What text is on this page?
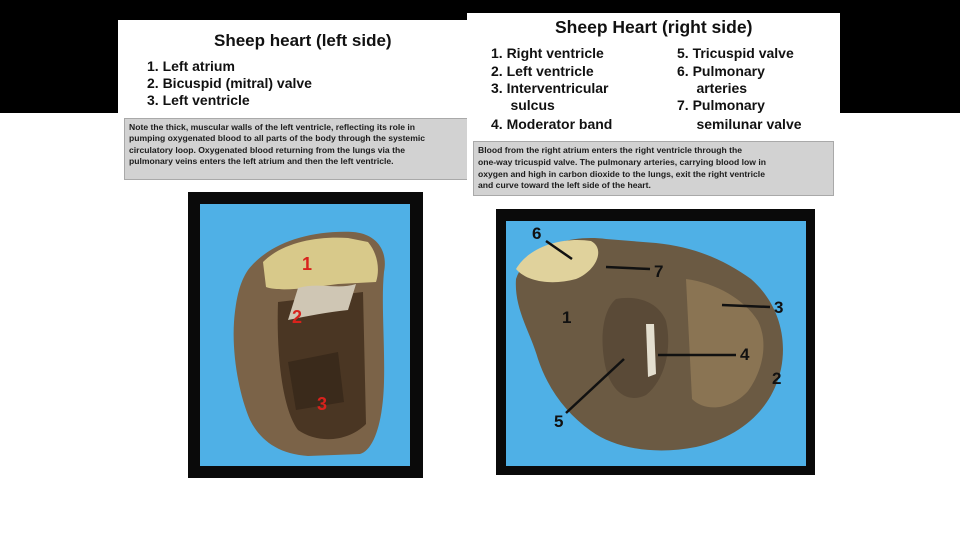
Sheep heart (left side)
1. Left atrium
2. Bicuspid (mitral) valve
3. Left ventricle
Note the thick, muscular walls of the left ventricle, reflecting its role in
pumping oxygenated blood to all parts of the body through the systemic
circulatory loop. Oxygenated blood returning from the lungs via the
pulmonary veins enters the left atrium and then the left ventricle.
Sheep Heart (right side)
1. Right ventricle
2. Left ventricle
3. Interventricular
sulcus
4. Moderator band
5. Tricuspid valve
6. Pulmonary
arteries
7. Pulmonary
semilunar valve
Blood from the right atrium enters the right ventricle through the
one-way tricuspid valve. The pulmonary arteries, carrying blood low in
oxygen and high in carbon dioxide to the lungs, exit the right ventricle
and curve toward the left side of the heart.
1
2
3
6
7
1
3
4
2
5
